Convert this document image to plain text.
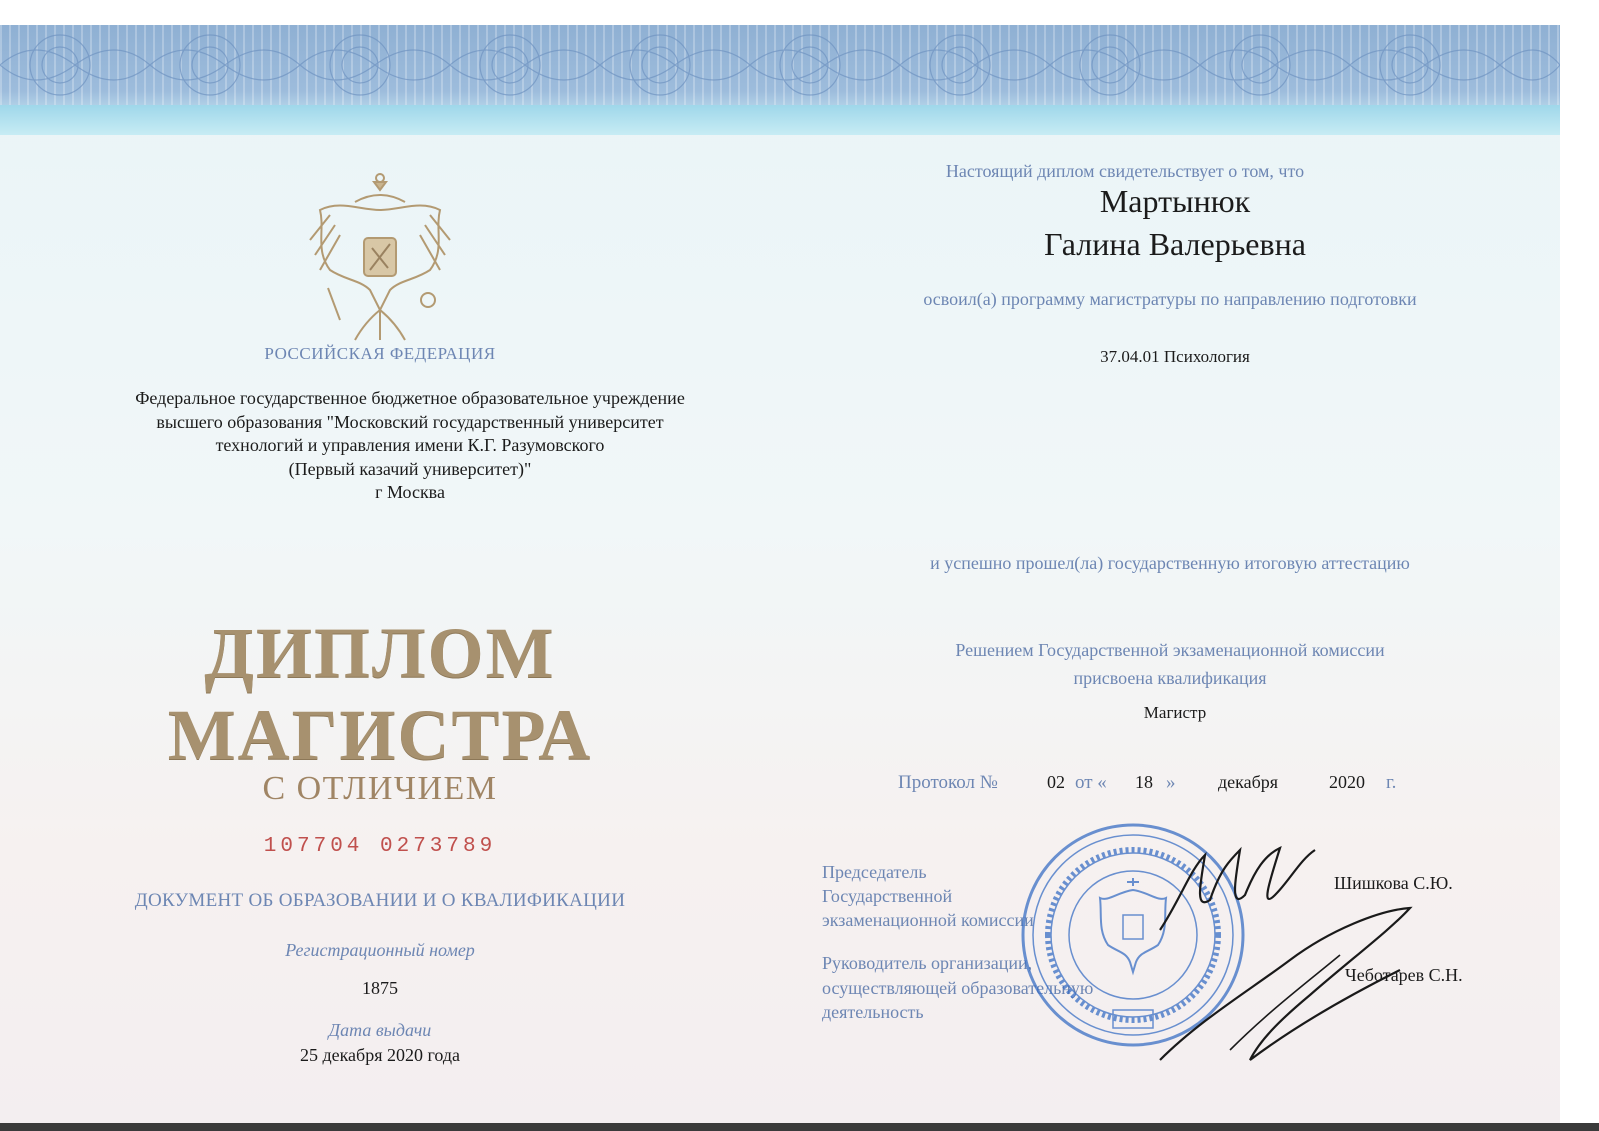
РОССИЙСКАЯ ФЕДЕРАЦИЯ
Федеральное государственное бюджетное образовательное учреждение
высшего образования "Московский государственный университет
технологий и управления имени К.Г. Разумовского
(Первый казачий университет)"
г Москва
ДИПЛОМ
МАГИСТРА
С ОТЛИЧИЕМ
107704 0273789
ДОКУМЕНТ ОБ ОБРАЗОВАНИИ И О КВАЛИФИКАЦИИ
Регистрационный номер
1875
Дата выдачи
25 декабря 2020 года
Настоящий диплом свидетельствует о том, что
Мартынюк
Галина Валерьевна
освоил(а) программу магистратуры по направлению подготовки
37.04.01 Психология
и успешно прошел(ла) государственную итоговую аттестацию
Решением Государственной экзаменационной комиссии
присвоена квалификация
Магистр
Протокол №	02 от « 18 » декабря	2020 г.
Председатель
Государственной
экзаменационной комиссии
Шишкова С.Ю.
Руководитель организации,
осуществляющей образовательную
деятельность
Чеботарев С.Н.
